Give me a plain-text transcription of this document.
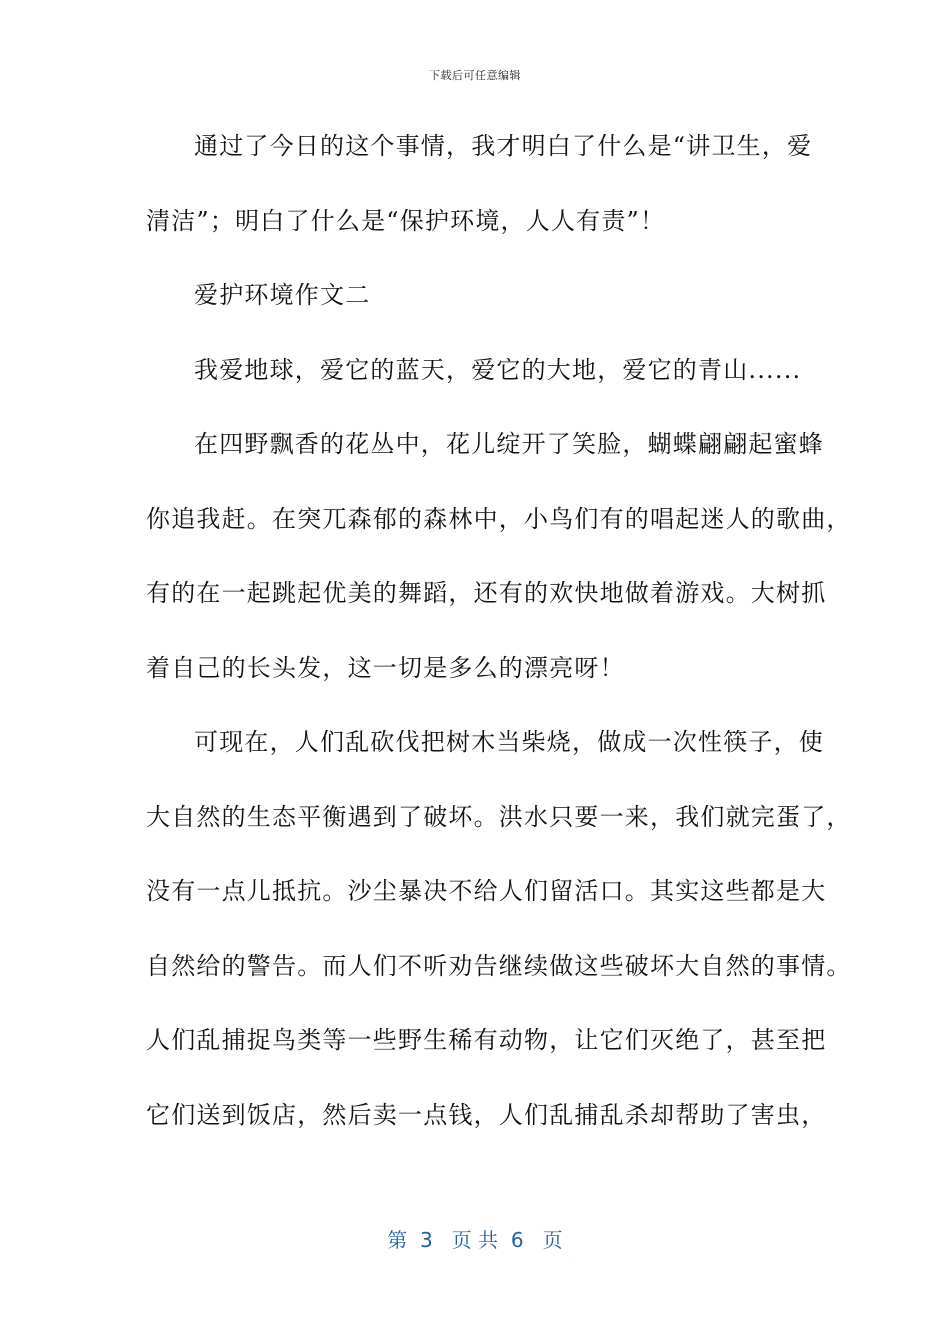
下载后可任意编辑
通过了今日的这个事情，我才明白了什么是“讲卫生，爱
清洁”；明白了什么是“保护环境，人人有责”！
爱护环境作文二
我爱地球，爱它的蓝天，爱它的大地，爱它的青山......
在四野飘香的花丛中，花儿绽开了笑脸，蝴蝶翩翩起蜜蜂
你追我赶。在突兀森郁的森林中，小鸟们有的唱起迷人的歌曲，
有的在一起跳起优美的舞蹈，还有的欢快地做着游戏。大树抓
着自己的长头发，这一切是多么的漂亮呀！
可现在，人们乱砍伐把树木当柴烧，做成一次性筷子，使
大自然的生态平衡遇到了破坏。洪水只要一来，我们就完蛋了，
没有一点儿抵抗。沙尘暴决不给人们留活口。其实这些都是大
自然给的警告。而人们不听劝告继续做这些破坏大自然的事情。
人们乱捕捉鸟类等一些野生稀有动物，让它们灭绝了，甚至把
它们送到饭店，然后卖一点钱，人们乱捕乱杀却帮助了害虫，
第  3   页 共  6   页
